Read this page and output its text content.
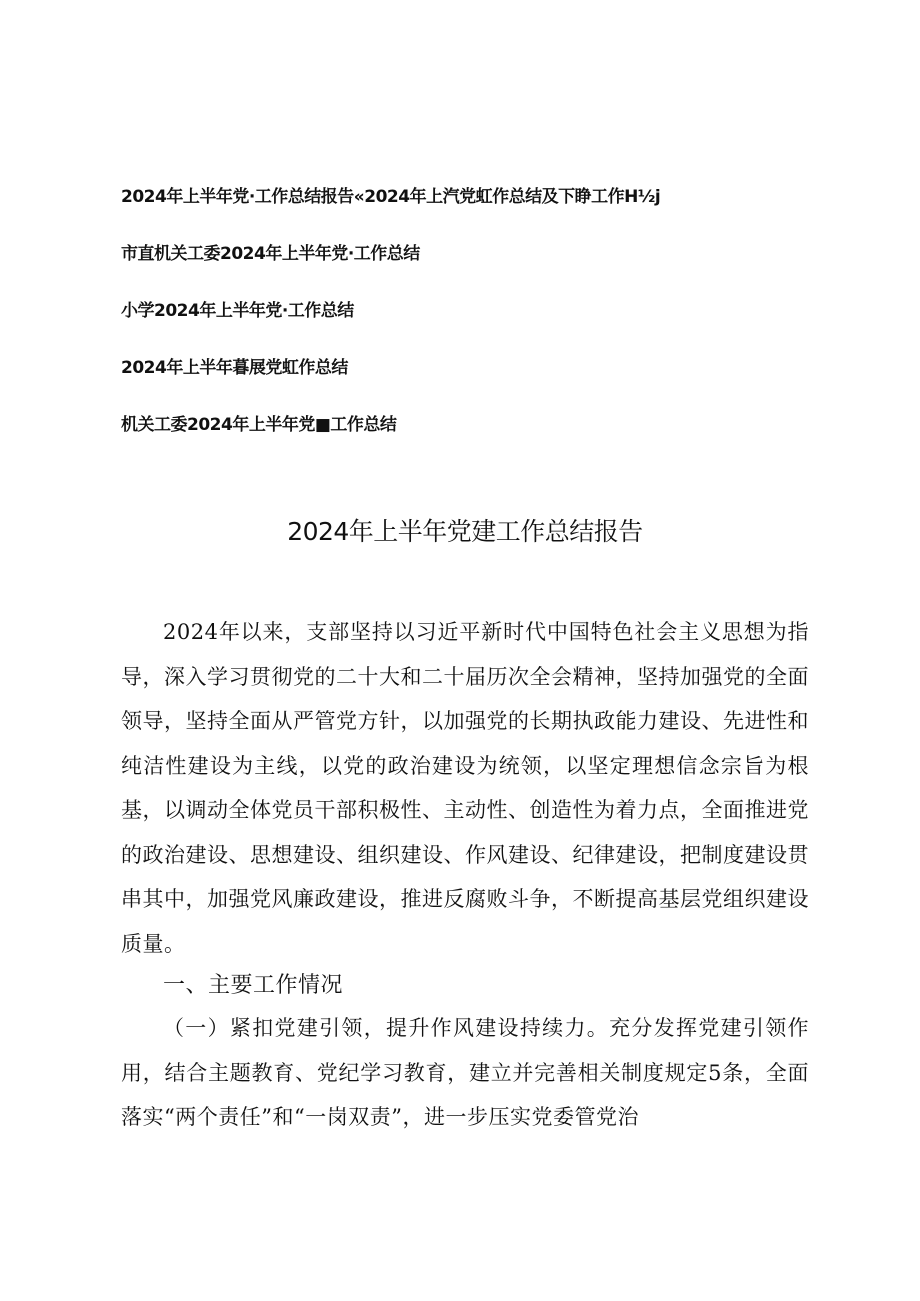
2024年上半年党·工作总结报告«2024年上汽党虹作总结及下睁工作H½j
市直机关工委2024年上半年党·工作总结
小学2024年上半年党·工作总结
2024年上半年暮展党虹作总结
机关工委2024年上半年党■工作总结
2024年上半年党建工作总结报告

2024年以来，支部坚持以习近平新时代中国特色社会主义思想为指导，深入学习贯彻党的二十大和二十届历次全会精神，坚持加强党的全面领导，坚持全面从严管党方针，以加强党的长期执政能力建设、先进性和纯洁性建设为主线，以党的政治建设为统领，以坚定理想信念宗旨为根基，以调动全体党员干部积极性、主动性、创造性为着力点，全面推进党的政治建设、思想建设、组织建设、作风建设、纪律建设，把制度建设贯串其中，加强党风廉政建设，推进反腐败斗争，不断提高基层党组织建设质量。

一、主要工作情况

（一）紧扣党建引领，提升作风建设持续力。充分发挥党建引领作用，结合主题教育、党纪学习教育，建立并完善相关制度规定5条，全面落实“两个责任”和“一岗双责”，进一步压实党委管党治
